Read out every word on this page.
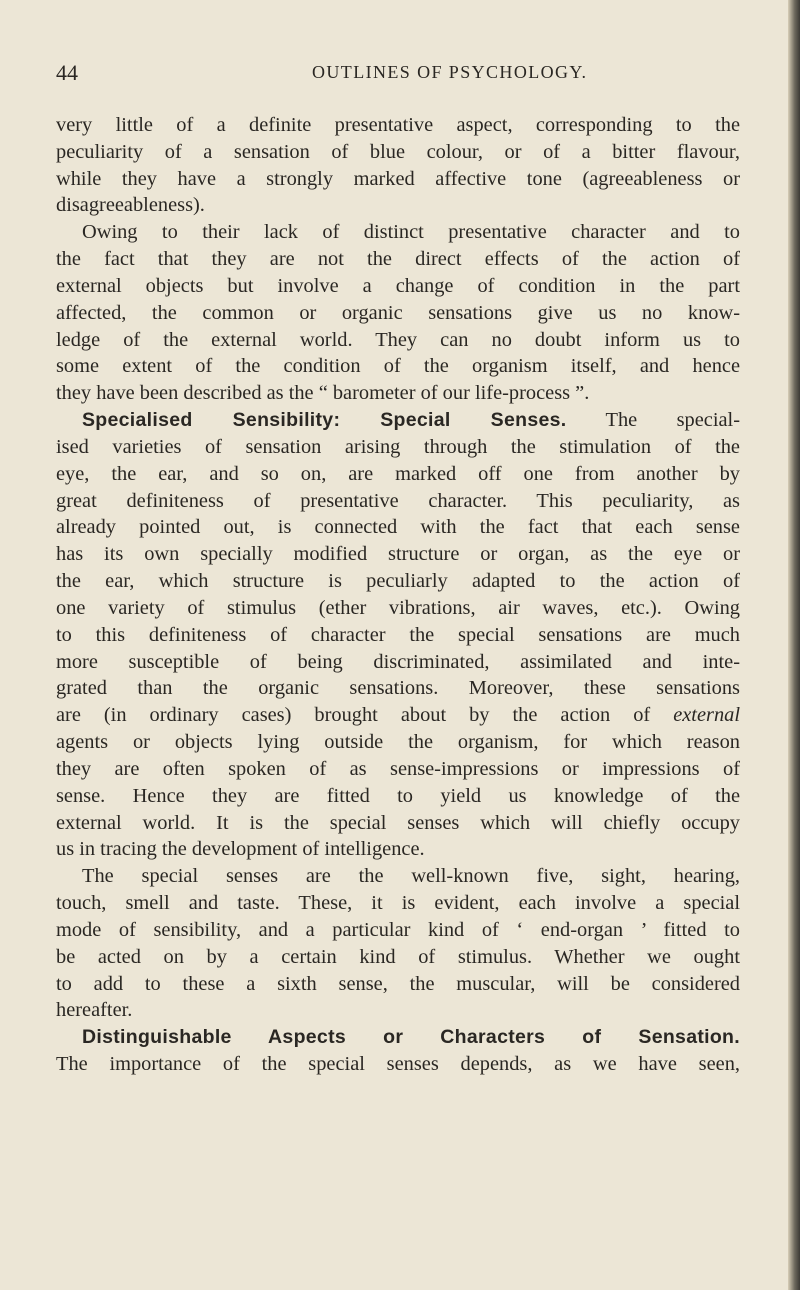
44	OUTLINES OF PSYCHOLOGY.
very little of a definite presentative aspect, corresponding to the
peculiarity of a sensation of blue colour, or of a bitter flavour,
while they have a strongly marked affective tone (agreeableness or
disagreeableness).
Owing to their lack of distinct presentative character and to
the fact that they are not the direct effects of the action of
external objects but involve a change of condition in the part
affected, the common or organic sensations give us no know-
ledge of the external world. They can no doubt inform us to
some extent of the condition of the organism itself, and hence
they have been described as the “ barometer of our life-process ”.
Specialised Sensibility: Special Senses. The special-
ised varieties of sensation arising through the stimulation of the
eye, the ear, and so on, are marked off one from another by
great definiteness of presentative character. This peculiarity, as
already pointed out, is connected with the fact that each sense
has its own specially modified structure or organ, as the eye or
the ear, which structure is peculiarly adapted to the action of
one variety of stimulus (ether vibrations, air waves, etc.). Owing
to this definiteness of character the special sensations are much
more susceptible of being discriminated, assimilated and inte-
grated than the organic sensations. Moreover, these sensations
are (in ordinary cases) brought about by the action of external
agents or objects lying outside the organism, for which reason
they are often spoken of as sense-impressions or impressions of
sense. Hence they are fitted to yield us knowledge of the
external world. It is the special senses which will chiefly occupy
us in tracing the development of intelligence.
The special senses are the well-known five, sight, hearing,
touch, smell and taste. These, it is evident, each involve a special
mode of sensibility, and a particular kind of ‘ end-organ ’ fitted to
be acted on by a certain kind of stimulus. Whether we ought
to add to these a sixth sense, the muscular, will be considered
hereafter.
Distinguishable Aspects or Characters of Sensation.
The importance of the special senses depends, as we have seen,
